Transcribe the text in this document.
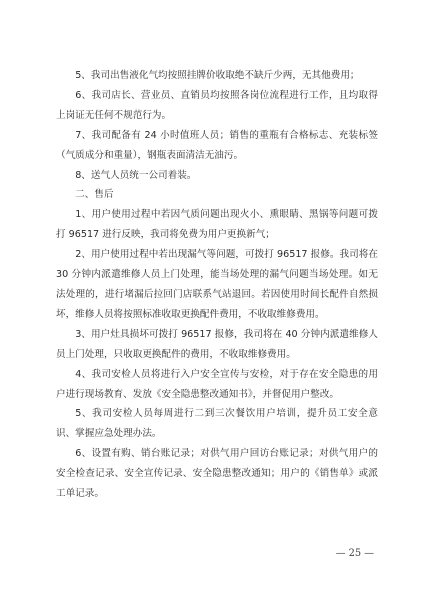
5、我司出售液化气均按照挂牌价收取绝不缺斤少两，无其他费用；

6、我司店长、营业员、直销员均按照各岗位流程进行工作，且均取得上岗证无任何不规范行为。

7、我司配备有 24 小时值班人员；销售的重瓶有合格标志、充装标签（气质成分和重量），钢瓶表面清洁无油污。

8、送气人员统一公司着装。

二、售后

1、用户使用过程中若因气质问题出现火小、熏眼睛、黑锅等问题可拨打 96517 进行反映，我司将免费为用户更换新气；

2、用户使用过程中若出现漏气等问题，可拨打 96517 报修。我司将在 30 分钟内派遣维修人员上门处理，能当场处理的漏气问题当场处理。如无法处理的，进行堵漏后拉回门店联系气站退回。若因使用时间长配件自然损坏，维修人员将按照标准收取更换配件费用，不收取维修费用。

3、用户灶具损坏可拨打 96517 报修，我司将在 40 分钟内派遣维修人员上门处理，只收取更换配件的费用，不收取维修费用。

4、我司安检人员将进行入户安全宣传与安检，对于存在安全隐患的用户进行现场教育、发放《安全隐患整改通知书》，并督促用户整改。

5、我司安检人员每周进行二到三次餐饮用户培训，提升员工安全意识、掌握应急处理办法。

6、设置有购、销台账记录；对供气用户回访台账记录；对供气用户的安全检查记录、安全宣传记录、安全隐患整改通知；用户的《销售单》或派工单记录。

— 25 —
